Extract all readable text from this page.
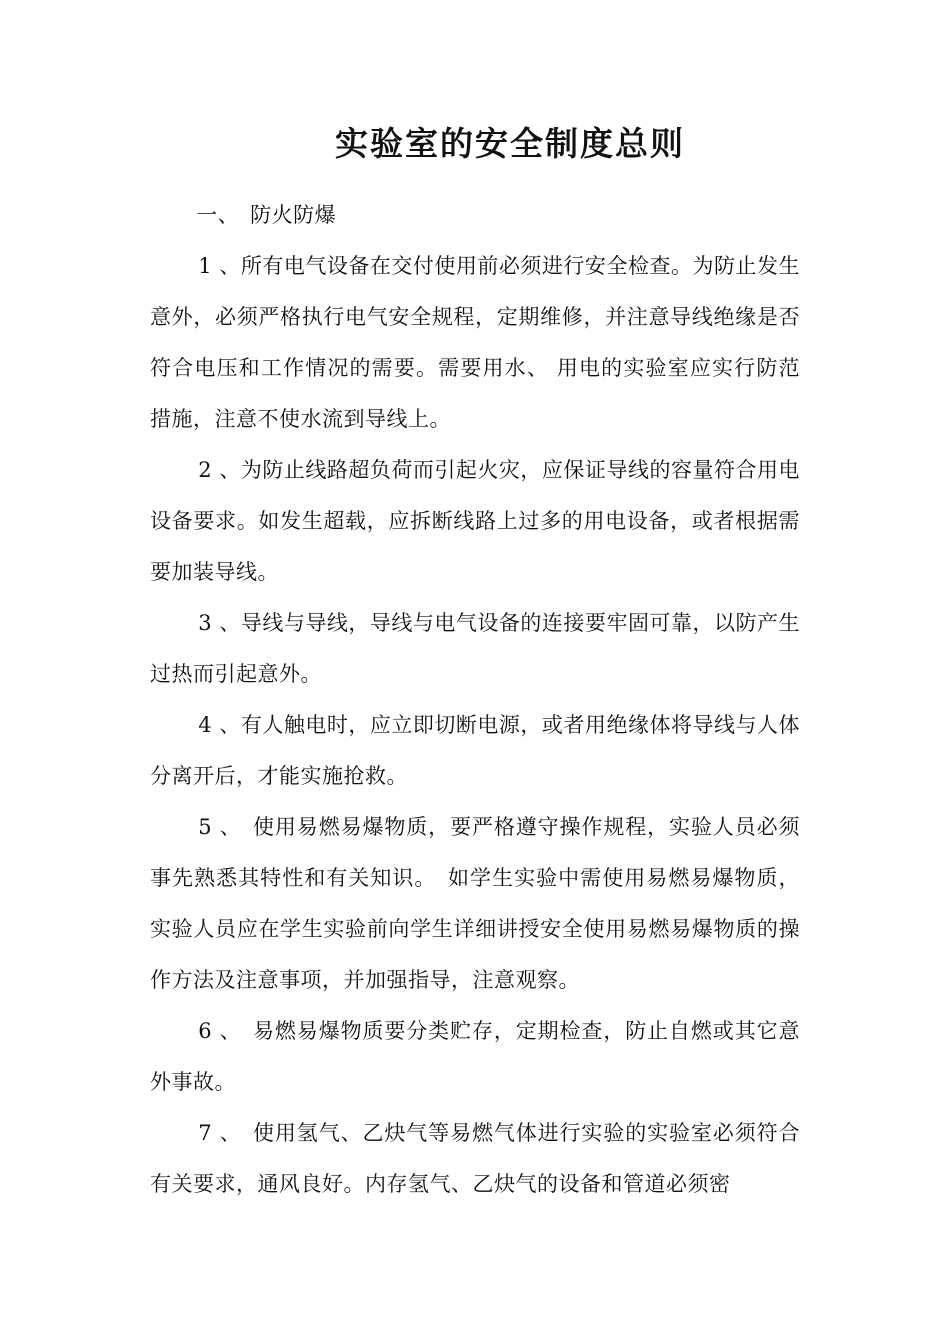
实验室的安全制度总则

一、　防火防爆

1 、所有电气设备在交付使用前必须进行安全检查。为防止发生意外，必须严格执行电气安全规程，定期维修，并注意导线绝缘是否符合电压和工作情况的需要。需要用水、 用电的实验室应实行防范措施，注意不使水流到导线上。

2 、为防止线路超负荷而引起火灾，应保证导线的容量符合用电设备要求。如发生超载，应拆断线路上过多的用电设备，或者根据需要加装导线。

3 、导线与导线，导线与电气设备的连接要牢固可靠，以防产生过热而引起意外。

4 、有人触电时，应立即切断电源，或者用绝缘体将导线与人体分离开后，才能实施抢救。

5 、　使用易燃易爆物质，要严格遵守操作规程，实验人员必须事先熟悉其特性和有关知识。　如学生实验中需使用易燃易爆物质，实验人员应在学生实验前向学生详细讲授安全使用易燃易爆物质的操作方法及注意事项，并加强指导，注意观察。

6 、　易燃易爆物质要分类贮存，定期检查，防止自燃或其它意外事故。

7 、　使用氢气、乙炔气等易燃气体进行实验的实验室必须符合有关要求，通风良好。内存氢气、乙炔气的设备和管道必须密
